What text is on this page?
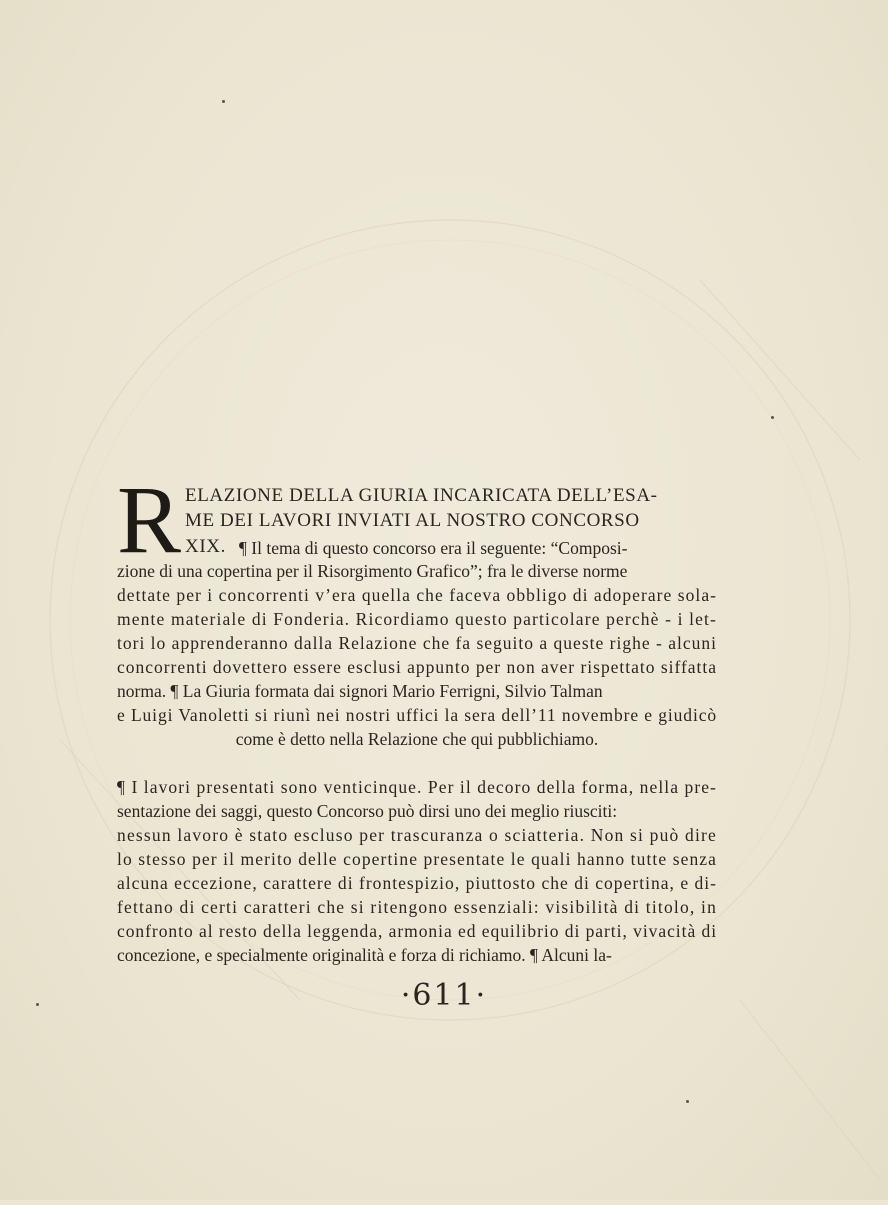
R ELAZIONE DELLA GIURIA INCARICATA DELL’ESA-
ME DEI LAVORI INVIATI AL NOSTRO CONCORSO
XIX. ¶ Il tema di questo concorso era il seguente: “Composi-
zione di una copertina per il Risorgimento Grafico”; fra le diverse norme
dettate per i concorrenti v’era quella che faceva obbligo di adoperare sola-
mente materiale di Fonderia. Ricordiamo questo particolare perchè - i let-
tori lo apprenderanno dalla Relazione che fa seguito a queste righe - alcuni
concorrenti dovettero essere esclusi appunto per non aver rispettato siffatta
norma. ¶ La Giuria formata dai signori Mario Ferrigni, Silvio Talman
e Luigi Vanoletti si riunì nei nostri uffici la sera dell’11 novembre e giudicò
come è detto nella Relazione che qui pubblichiamo.
¶ I lavori presentati sono venticinque. Per il decoro della forma, nella pre-
sentazione dei saggi, questo Concorso può dirsi uno dei meglio riusciti:
nessun lavoro è stato escluso per trascuranza o sciatteria. Non si può dire
lo stesso per il merito delle copertine presentate le quali hanno tutte senza
alcuna eccezione, carattere di frontespizio, piuttosto che di copertina, e di-
fettano di certi caratteri che si ritengono essenziali: visibilità di titolo, in
confronto al resto della leggenda, armonia ed equilibrio di parti, vivacità di
concezione, e specialmente originalità e forza di richiamo. ¶ Alcuni la-
·611·
